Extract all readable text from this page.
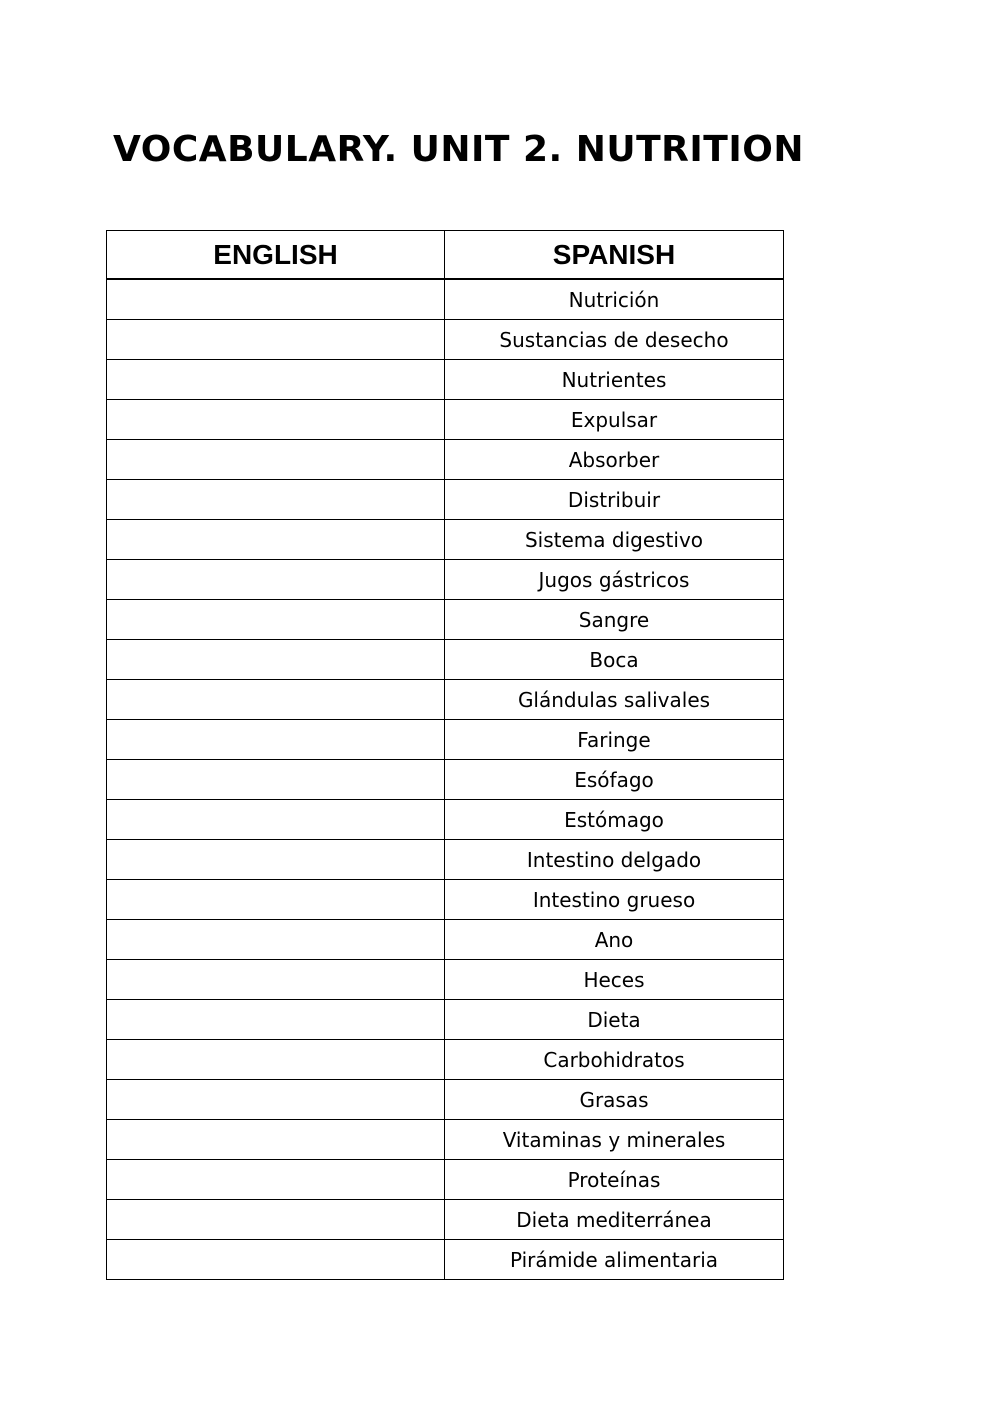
VOCABULARY. UNIT 2. NUTRITION
ENGLISH	SPANISH
	Nutrición
	Sustancias de desecho
	Nutrientes
	Expulsar
	Absorber
	Distribuir
	Sistema digestivo
	Jugos gástricos
	Sangre
	Boca
	Glándulas salivales
	Faringe
	Esófago
	Estómago
	Intestino delgado
	Intestino grueso
	Ano
	Heces
	Dieta
	Carbohidratos
	Grasas
	Vitaminas y minerales
	Proteínas
	Dieta mediterránea
	Pirámide alimentaria
